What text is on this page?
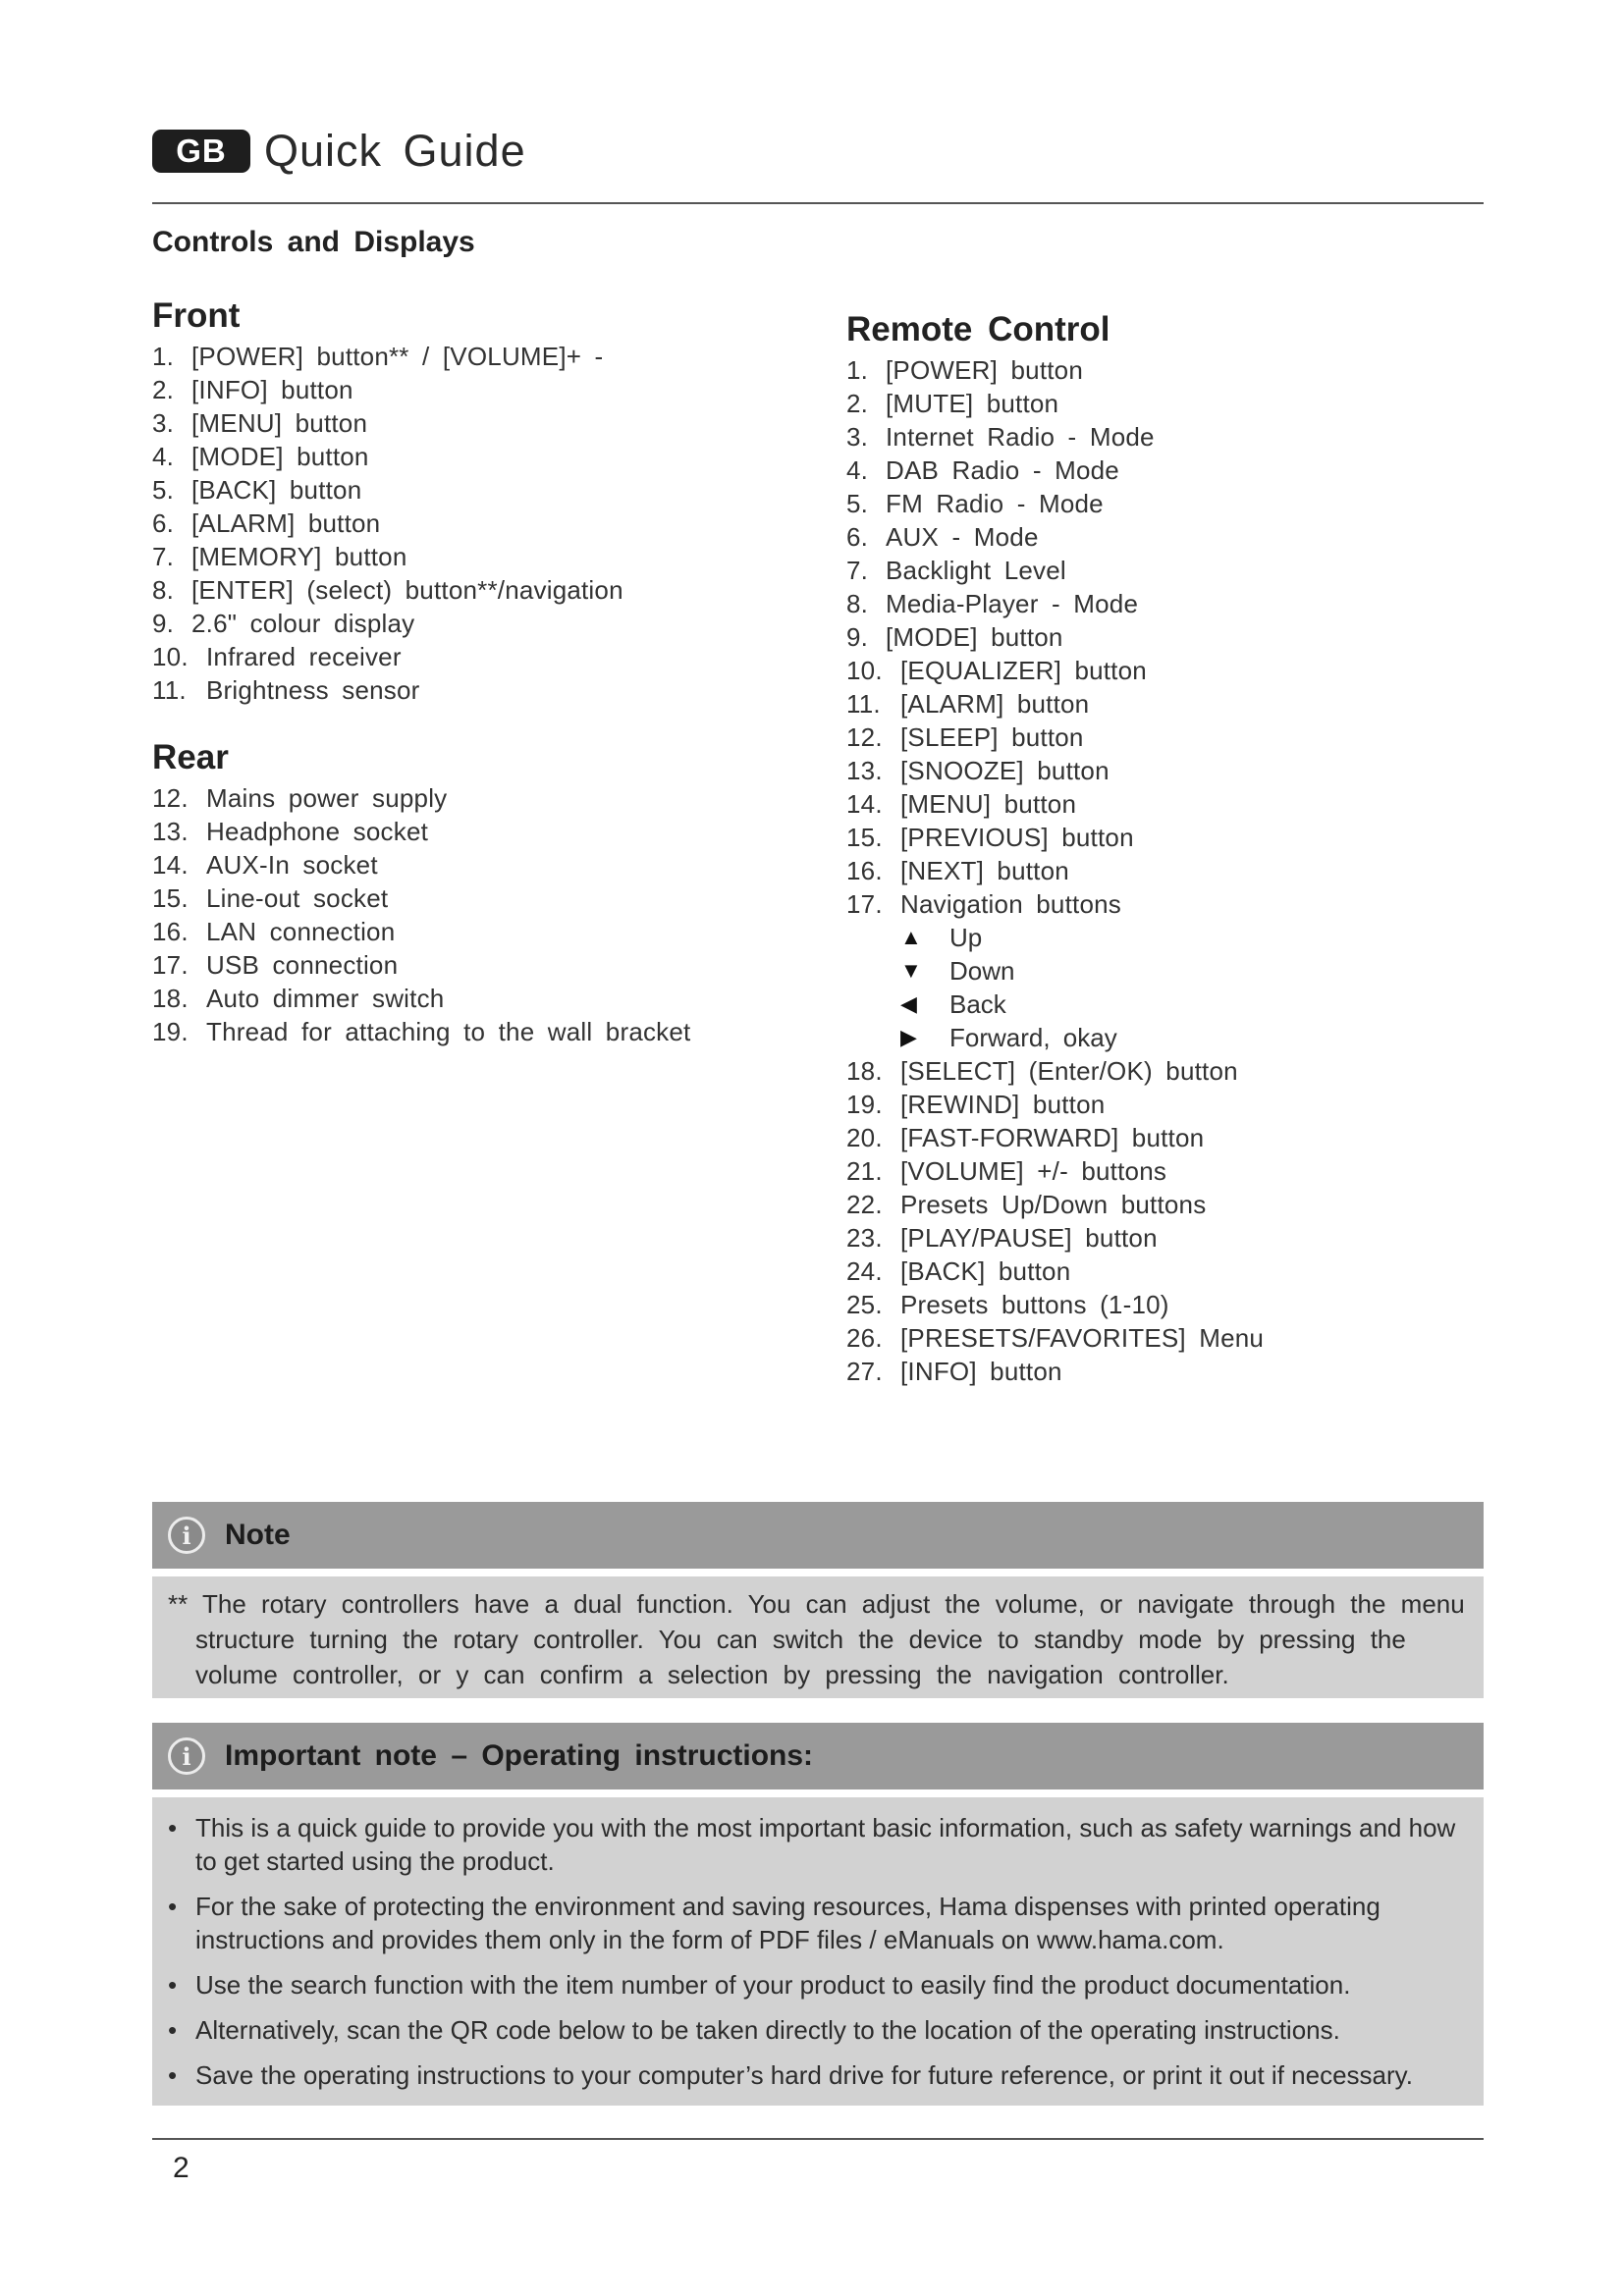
GB Quick Guide
Controls and Displays
Front
1. [POWER] button** / [VOLUME]+ -
2. [INFO] button
3. [MENU] button
4. [MODE] button
5. [BACK] button
6. [ALARM] button
7. [MEMORY] button
8. [ENTER] (select) button**/navigation
9. 2.6" colour display
10. Infrared receiver
11. Brightness sensor
Rear
12. Mains power supply
13. Headphone socket
14. AUX-In socket
15. Line-out socket
16. LAN connection
17. USB connection
18. Auto dimmer switch
19. Thread for attaching to the wall bracket
Remote Control
1. [POWER] button
2. [MUTE] button
3. Internet Radio - Mode
4. DAB Radio - Mode
5. FM Radio - Mode
6. AUX - Mode
7. Backlight Level
8. Media-Player - Mode
9. [MODE] button
10. [EQUALIZER] button
11. [ALARM] button
12. [SLEEP] button
13. [SNOOZE] button
14. [MENU] button
15. [PREVIOUS] button
16. [NEXT] button
17. Navigation buttons
▲	Up
▼	Down
◀	Back
▶	Forward, okay
18. [SELECT] (Enter/OK) button
19. [REWIND] button
20. [FAST-FORWARD] button
21. [VOLUME] +/- buttons
22. Presets Up/Down buttons
23. [PLAY/PAUSE] button
24. [BACK] button
25. Presets buttons (1-10)
26. [PRESETS/FAVORITES] Menu
27. [INFO] button
i	Note
** The rotary controllers have a dual function. You can adjust the volume, or navigate through the menu structure turning the rotary controller. You can switch the device to standby mode by pressing the volume controller, or y can confirm a selection by pressing the navigation controller.
i	Important note – Operating instructions:
• This is a quick guide to provide you with the most important basic information, such as safety warnings and how to get started using the product.
• For the sake of protecting the environment and saving resources, Hama dispenses with printed operating instructions and provides them only in the form of PDF files / eManuals on www.hama.com.
• Use the search function with the item number of your product to easily find the product documentation.
• Alternatively, scan the QR code below to be taken directly to the location of the operating instructions.
• Save the operating instructions to your computer’s hard drive for future reference, or print it out if necessary.
2
